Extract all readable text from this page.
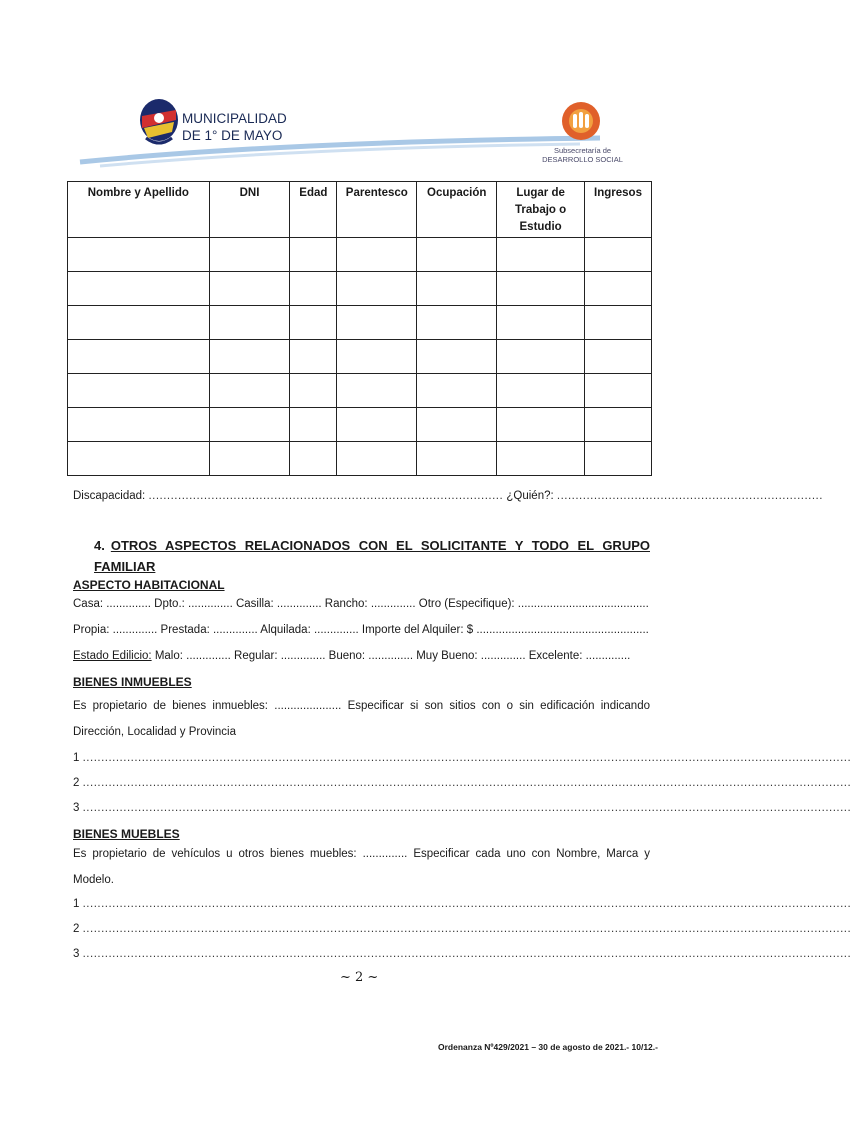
MUNICIPALIDAD
DE 1° DE MAYO
Subsecretaría de
DESARROLLO SOCIAL
Nombre y Apellido	DNI	Edad	Parentesco	Ocupación	Lugar de Trabajo o Estudio	Ingresos

Discapacidad: ................................................................................................ ¿Quién?: ........................................................................
4. OTROS ASPECTOS RELACIONADOS CON EL SOLICITANTE Y TODO EL GRUPO FAMILIAR
ASPECTO HABITACIONAL
Casa: .............. Dpto.: .............. Casilla: .............. Rancho: .............. Otro (Especifique): .........................................
Propia: .............. Prestada: .............. Alquilada: .............. Importe del Alquiler: $ ......................................................
Estado Edilicio: Malo: .............. Regular: .............. Bueno: .............. Muy Bueno: .............. Excelente: ..............
BIENES INMUEBLES
Es propietario de bienes inmuebles: ..................... Especificar si son sitios con o sin edificación indicando
Dirección, Localidad y Provincia
1 ................................................................................................................................................................................................................
2 ................................................................................................................................................................................................................
3 ................................................................................................................................................................................................................
BIENES MUEBLES
Es propietario de vehículos u otros bienes muebles: .............. Especificar cada uno con Nombre, Marca y
Modelo.
1 ................................................................................................................................................................................................................
2 ................................................................................................................................................................................................................
3 ................................................................................................................................................................................................................
~ 2 ~
Ordenanza Nº429/2021 – 30 de agosto de 2021.- 10/12.-
